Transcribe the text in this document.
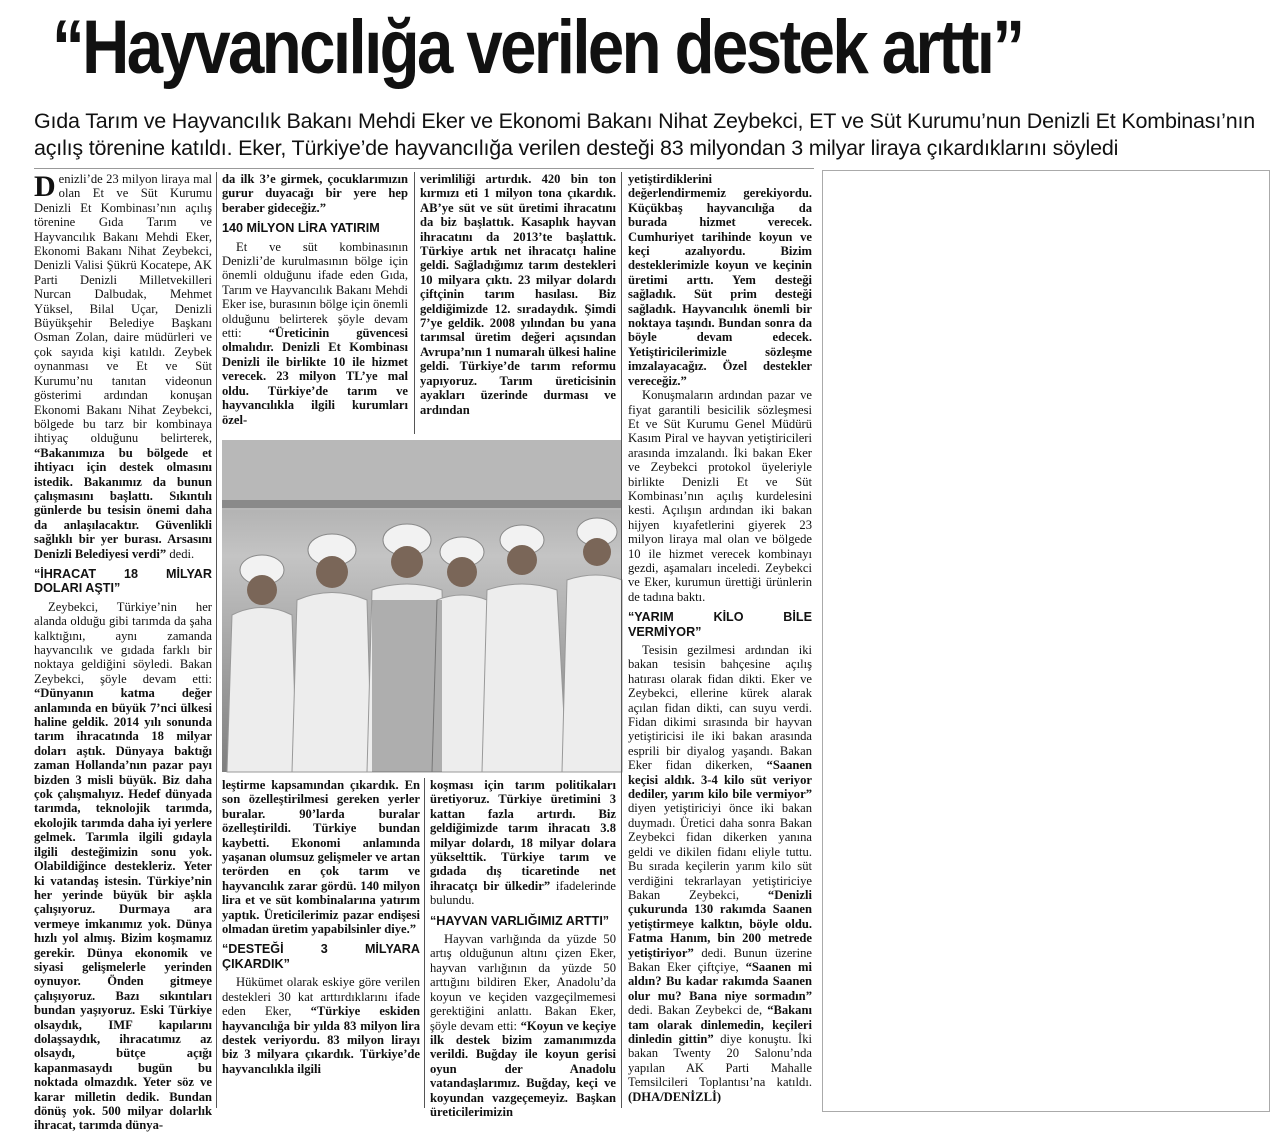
“Hayvancılığa verilen destek arttı”

Gıda Tarım ve Hayvancılık Bakanı Mehdi Eker ve Ekonomi Bakanı Nihat Zeybekci, ET ve Süt Kurumu’nun Denizli Et Kombinası’nın açılış törenine katıldı. Eker, Türkiye’de hayvancılığa verilen desteği 83 milyondan 3 milyar liraya çıkardıklarını söyledi

Denizli’de 23 milyon liraya mal olan Et ve Süt Kurumu Denizli Et Kombinası’nın açılış törenine Gıda Tarım ve Hayvancılık Bakanı Mehdi Eker, Ekonomi Bakanı Nihat Zeybekci, Denizli Valisi Şükrü Kocatepe, AK Parti Denizli Milletvekilleri Nurcan Dalbudak, Mehmet Yüksel, Bilal Uçar, Denizli Büyükşehir Belediye Başkanı Osman Zolan, daire müdürleri ve çok sayıda kişi katıldı. Zeybek oynanması ve Et ve Süt Kurumu’nu tanıtan videonun gösterimi ardından konuşan Ekonomi Bakanı Nihat Zeybekci, bölgede bu tarz bir kombinaya ihtiyaç olduğunu belirterek, “Bakanımıza bu bölgede et ihtiyacı için destek olmasını istedik. Bakanımız da bunun çalışmasını başlattı. Sıkıntılı günlerde bu tesisin önemi daha da anlaşılacaktır. Güvenlikli sağlıklı bir yer burası. Arsasını Denizli Belediyesi verdi” dedi.

“İHRACAT 18 MİLYAR DOLARI AŞTI”

Zeybekci, Türkiye’nin her alanda olduğu gibi tarımda da şaha kalktığını, aynı zamanda hayvancılık ve gıdada farklı bir noktaya geldiğini söyledi. Bakan Zeybekci, şöyle devam etti: “Dünyanın katma değer anlamında en büyük 7’nci ülkesi haline geldik. 2014 yılı sonunda tarım ihracatında 18 milyar doları aştık. Dünyaya baktığı zaman Hollanda’nın pazar payı bizden 3 misli büyük. Biz daha çok çalışmalıyız. Hedef dünyada tarımda, teknolojik tarımda, ekolojik tarımda daha iyi yerlere gelmek. Tarımla ilgili gıdayla ilgili desteğimizin sonu yok. Olabildiğince destekleriz. Yeter ki vatandaş istesin. Türkiye’nin her yerinde büyük bir aşkla çalışıyoruz. Durmaya ara vermeye imkanımız yok. Dünya hızlı yol almış. Bizim koşmamız gerekir. Dünya ekonomik ve siyasi gelişmelerle yerinden oynuyor. Önden gitmeye çalışıyoruz. Bazı sıkıntıları bundan yaşıyoruz. Eski Türkiye olsaydık, IMF kapılarını dolaşsaydık, ihracatımız az olsaydı, bütçe açığı kapanmasaydı bugün bu noktada olmazdık. Yeter söz ve karar milletin dedik. Bundan dönüş yok. 500 milyar dolarlık ihracat, tarımda dünya-

da ilk 3’e girmek, çocuklarımızın gurur duyacağı bir yere hep beraber gideceğiz.”

140 MİLYON LİRA YATIRIM

Et ve süt kombinasının Denizli’de kurulmasının bölge için önemli olduğunu ifade eden Gıda, Tarım ve Hayvancılık Bakanı Mehdi Eker ise, burasının bölge için önemli olduğunu belirterek şöyle devam etti: “Üreticinin güvencesi olmalıdır. Denizli Et Kombinası Denizli ile birlikte 10 ile hizmet verecek. 23 milyon TL’ye mal oldu. Türkiye’de tarım ve hayvancılıkla ilgili kurumları özel-

verimliliği artırdık. 420 bin ton kırmızı eti 1 milyon tona çıkardık. AB’ye süt ve süt üretimi ihracatını da biz başlattık. Kasaplık hayvan ihracatını da 2013’te başlattık. Türkiye artık net ihracatçı haline geldi. Sağladığımız tarım destekleri 10 milyara çıktı. 23 milyar dolardı çiftçinin tarım hasılası. Biz geldiğimizde 12. sıradaydık. Şimdi 7’ye geldik. 2008 yılından bu yana tarımsal üretim değeri açısından Avrupa’nın 1 numaralı ülkesi haline geldi. Türkiye’de tarım reformu yapıyoruz. Tarım üreticisinin ayakları üzerinde durması ve ardından

leştirme kapsamından çıkardık. En son özelleştirilmesi gereken yerler buralar. 90’larda buralar özelleştirildi. Türkiye bundan kaybetti. Ekonomi anlamında yaşanan olumsuz gelişmeler ve artan terörden en çok tarım ve hayvancılık zarar gördü. 140 milyon lira et ve süt kombinalarına yatırım yaptık. Üreticilerimiz pazar endişesi olmadan üretim yapabilsinler diye.”

“DESTEĞİ 3 MİLYARA ÇIKARDIK”

Hükümet olarak eskiye göre verilen destekleri 30 kat arttırdıklarını ifade eden Eker, “Türkiye eskiden hayvancılığa bir yılda 83 milyon lira destek veriyordu. 83 milyon lirayı biz 3 milyara çıkardık. Türkiye’de hayvancılıkla ilgili

koşması için tarım politikaları üretiyoruz. Türkiye üretimini 3 kattan fazla artırdı. Biz geldiğimizde tarım ihracatı 3.8 milyar dolardı, 18 milyar dolara yükselttik. Türkiye tarım ve gıdada dış ticaretinde net ihracatçı bir ülkedir” ifadelerinde bulundu.

“HAYVAN VARLIĞIMIZ ARTTI”

Hayvan varlığında da yüzde 50 artış olduğunun altını çizen Eker, hayvan varlığının da yüzde 50 arttığını bildiren Eker, Anadolu’da koyun ve keçiden vazgeçilmemesi gerektiğini anlattı. Bakan Eker, şöyle devam etti: “Koyun ve keçiye ilk destek bizim zamanımızda verildi. Buğday ile koyun gerisi oyun der Anadolu vatandaşlarımız. Buğday, keçi ve koyundan vazgeçemeyiz. Başkan üreticilerimizin

yetiştirdiklerini değerlendirmemiz gerekiyordu. Küçükbaş hayvancılığa da burada hizmet verecek. Cumhuriyet tarihinde koyun ve keçi azalıyordu. Bizim desteklerimizle koyun ve keçinin üretimi arttı. Yem desteği sağladık. Süt prim desteği sağladık. Hayvancılık önemli bir noktaya taşındı. Bundan sonra da böyle devam edecek. Yetiştiricilerimizle sözleşme imzalayacağız. Özel destekler vereceğiz.”

Konuşmaların ardından pazar ve fiyat garantili besicilik sözleşmesi Et ve Süt Kurumu Genel Müdürü Kasım Piral ve hayvan yetiştiricileri arasında imzalandı. İki bakan Eker ve Zeybekci protokol üyeleriyle birlikte Denizli Et ve Süt Kombinası’nın açılış kurdelesini kesti. Açılışın ardından iki bakan hijyen kıyafetlerini giyerek 23 milyon liraya mal olan ve bölgede 10 ile hizmet verecek kombinayı gezdi, aşamaları inceledi. Zeybekci ve Eker, kurumun ürettiği ürünlerin de tadına baktı.

“YARIM KİLO BİLE VERMİYOR”

Tesisin gezilmesi ardından iki bakan tesisin bahçesine açılış hatırası olarak fidan dikti. Eker ve Zeybekci, ellerine kürek alarak açılan fidan dikti, can suyu verdi. Fidan dikimi sırasında bir hayvan yetiştiricisi ile iki bakan arasında esprili bir diyalog yaşandı. Bakan Eker fidan dikerken, “Saanen keçisi aldık. 3-4 kilo süt veriyor dediler, yarım kilo bile vermiyor” diyen yetiştiriciyi önce iki bakan duymadı. Üretici daha sonra Bakan Zeybekci fidan dikerken yanına geldi ve dikilen fidanı eliyle tuttu. Bu sırada keçilerin yarım kilo süt verdiğini tekrarlayan yetiştiriciye Bakan Zeybekci, “Denizli çukurunda 130 rakımda Saanen yetiştirmeye kalktın, böyle oldu. Fatma Hanım, bin 200 metrede yetiştiriyor” dedi. Bunun üzerine Bakan Eker çiftçiye, “Saanen mi aldın? Bu kadar rakımda Saanen olur mu? Bana niye sormadın” dedi. Bakan Zeybekci de, “Bakanı tam olarak dinlemedin, keçileri dinledin gittin” diye konuştu. İki bakan Twenty 20 Salonu’nda yapılan AK Parti Mahalle Temsilcileri Toplantısı’na katıldı. (DHA/DENİZLİ)
